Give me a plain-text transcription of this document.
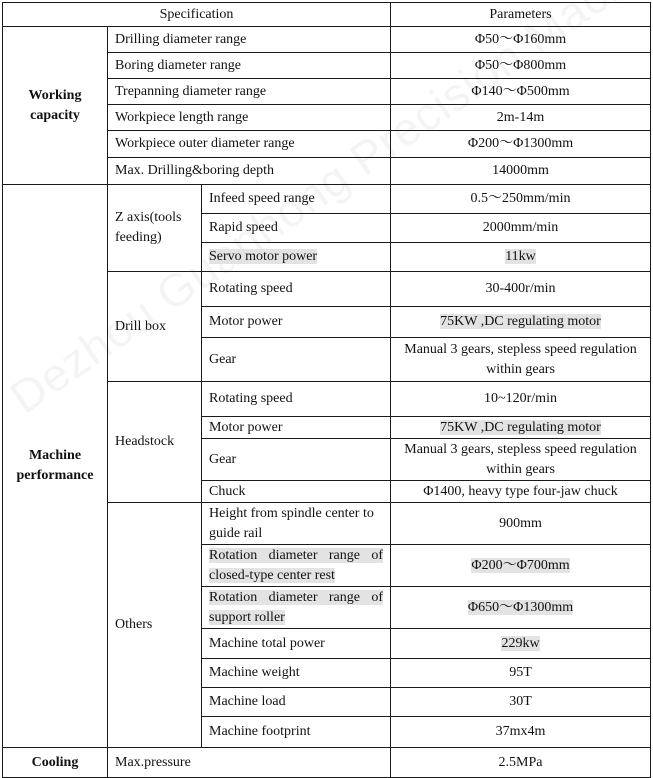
Specification			Parameters
Working capacity	Drilling diameter range		Φ50～Φ160mm
	Boring diameter range		Φ50～Φ800mm
	Trepanning diameter range		Φ140～Φ500mm
	Workpiece length range		2m-14m
	Workpiece outer diameter range		Φ200～Φ1300mm
	Max. Drilling&boring depth		14000mm
Machine performance	Z axis(tools feeding)	Infeed speed range	0.5～250mm/min
		Rapid speed	2000mm/min
		Servo motor power	11kw
	Drill box	Rotating speed	30-400r/min
		Motor power	75KW ,DC regulating motor
		Gear	Manual 3 gears, stepless speed regulation within gears
	Headstock	Rotating speed	10~120r/min
		Motor power	75KW ,DC regulating motor
		Gear	Manual 3 gears, stepless speed regulation within gears
		Chuck	Φ1400, heavy type four-jaw chuck
	Others	Height from spindle center to guide rail	900mm
		Rotation diameter range of closed-type center rest	Φ200～Φ700mm
		Rotation diameter range of support roller	Φ650～Φ1300mm
		Machine total power	229kw
		Machine weight	95T
		Machine load	30T
		Machine footprint	37mx4m
Cooling	Max.pressure		2.5MPa
